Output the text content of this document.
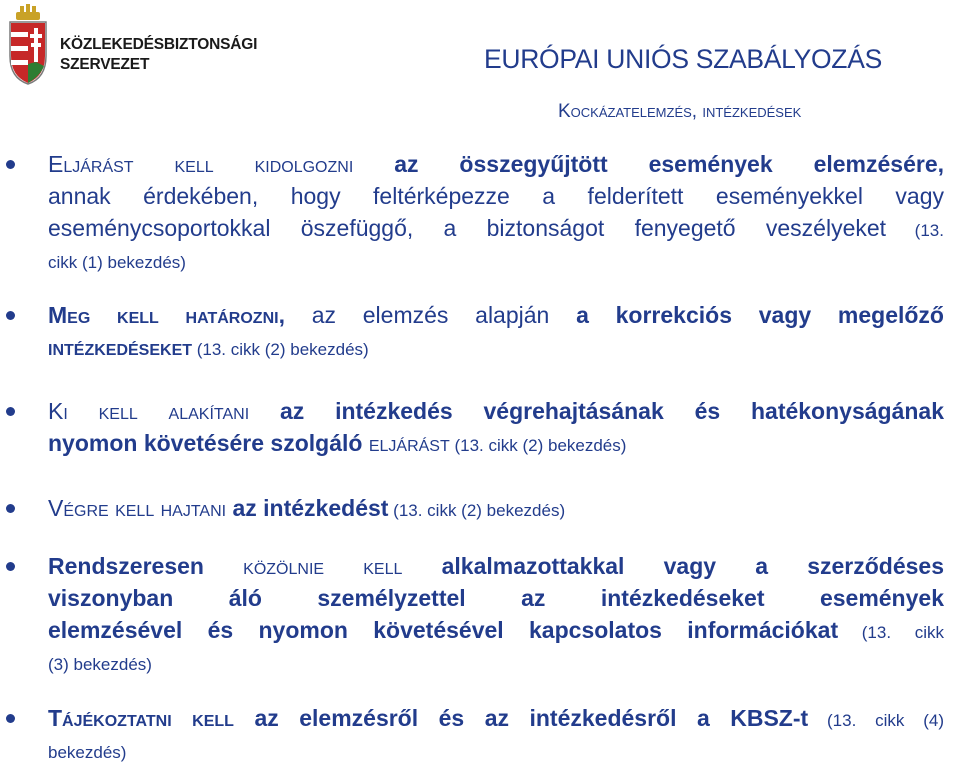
KÖZLEKEDÉSBIZTONSÁGI
SZERVEZET	EURÓPAI UNIÓS SZABÁLYOZÁS
Kockázatelemzés, intézkedések
Eljárást kell kidolgozni az összegyűjtött események elemzésére,
annak érdekében, hogy feltérképezze a felderített eseményekkel vagy
eseménycsoportokkal öszefüggő, a biztonságot fenyegető veszélyeket (13.
cikk (1) bekezdés)
Meg kell határozni, az elemzés alapján a korrekciós vagy megelőző
intézkedéseket (13. cikk (2) bekezdés)
Ki kell alakítani az intézkedés végrehajtásának és hatékonyságának
nyomon követésére szolgáló eljárást (13. cikk (2) bekezdés)
Végre kell hajtani az intézkedést (13. cikk (2) bekezdés)
Rendszeresen közölnie kell alkalmazottakkal vagy a szerződéses
viszonyban áló személyzettel az intézkedéseket események
elemzésével és nyomon követésével kapcsolatos információkat (13. cikk
(3) bekezdés)
Tájékoztatni kell az elemzésről és az intézkedésről a KBSZ-t (13. cikk (4)
bekezdés)
